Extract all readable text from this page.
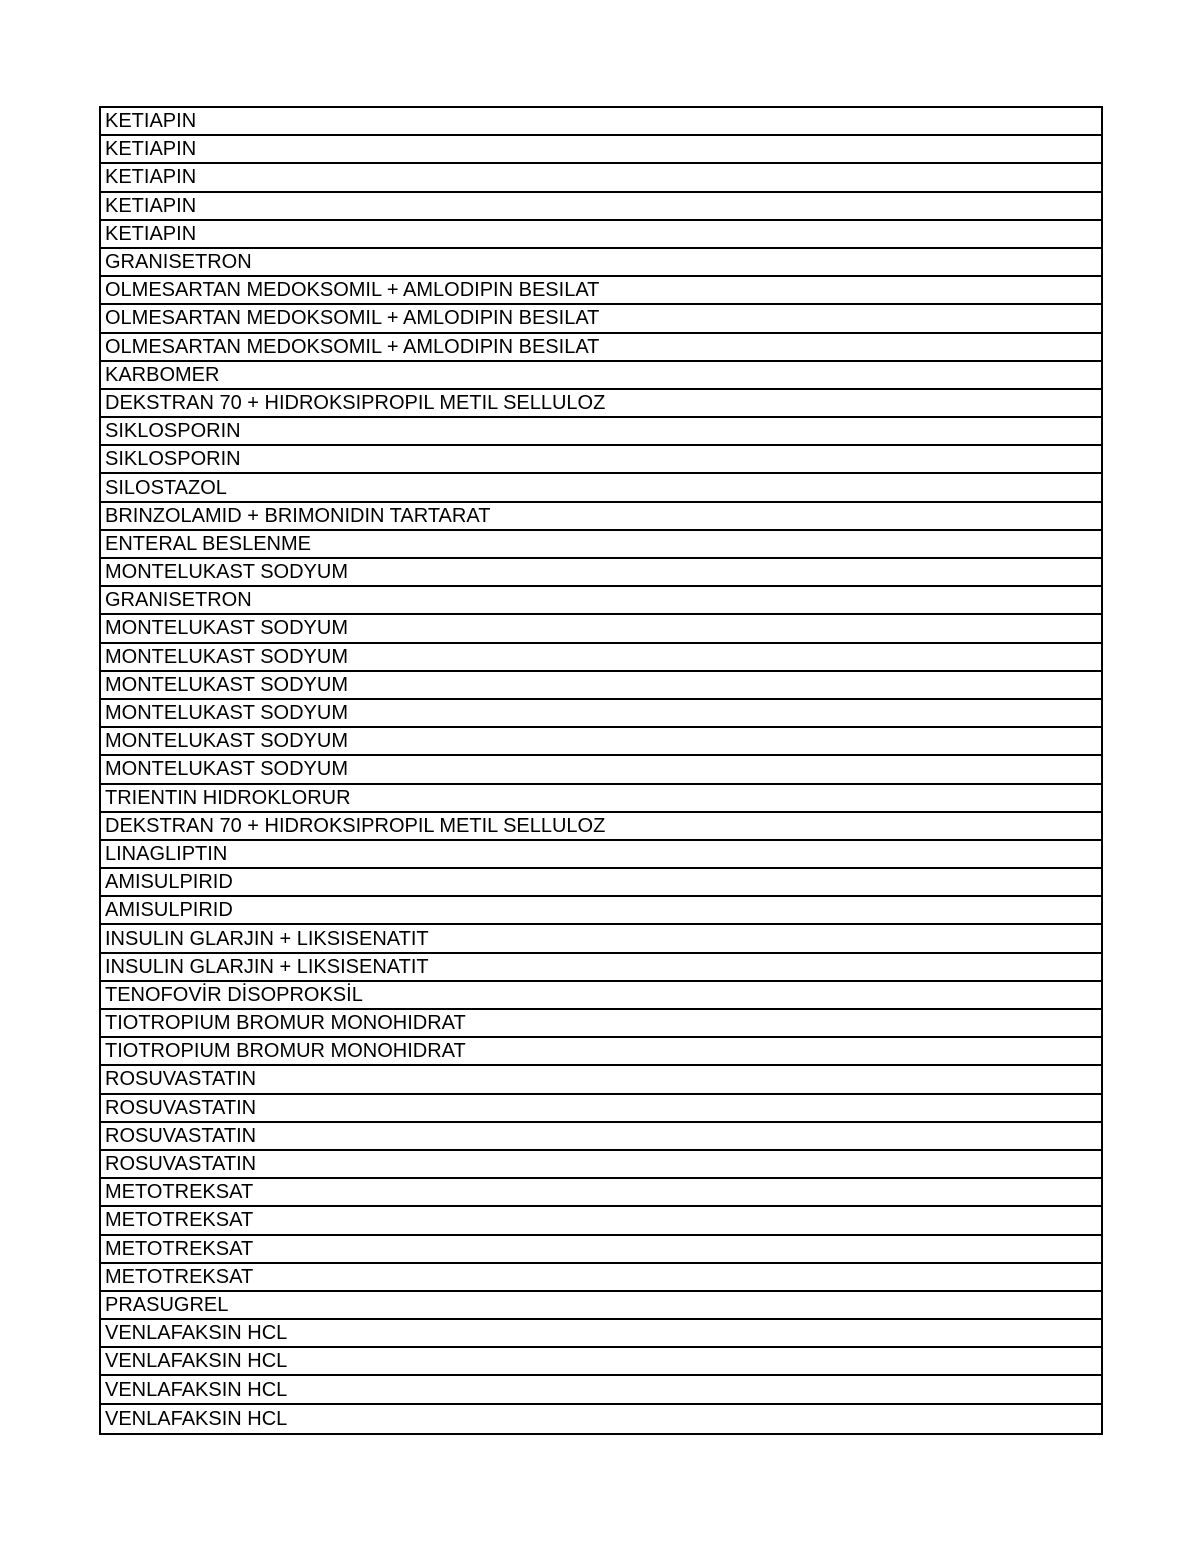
KETIAPIN
KETIAPIN
KETIAPIN
KETIAPIN
KETIAPIN
GRANISETRON
OLMESARTAN MEDOKSOMIL + AMLODIPIN BESILAT
OLMESARTAN MEDOKSOMIL + AMLODIPIN BESILAT
OLMESARTAN MEDOKSOMIL + AMLODIPIN BESILAT
KARBOMER
DEKSTRAN 70 + HIDROKSIPROPIL METIL SELLULOZ
SIKLOSPORIN
SIKLOSPORIN
SILOSTAZOL
BRINZOLAMID + BRIMONIDIN TARTARAT
ENTERAL BESLENME
MONTELUKAST SODYUM
GRANISETRON
MONTELUKAST SODYUM
MONTELUKAST SODYUM
MONTELUKAST SODYUM
MONTELUKAST SODYUM
MONTELUKAST SODYUM
MONTELUKAST SODYUM
TRIENTIN HIDROKLORUR
DEKSTRAN 70 + HIDROKSIPROPIL METIL SELLULOZ
LINAGLIPTIN
AMISULPIRID
AMISULPIRID
INSULIN GLARJIN + LIKSISENATIT
INSULIN GLARJIN + LIKSISENATIT
TENOFOVİR DİSOPROKSİL
TIOTROPIUM BROMUR MONOHIDRAT
TIOTROPIUM BROMUR MONOHIDRAT
ROSUVASTATIN
ROSUVASTATIN
ROSUVASTATIN
ROSUVASTATIN
METOTREKSAT
METOTREKSAT
METOTREKSAT
METOTREKSAT
PRASUGREL
VENLAFAKSIN HCL
VENLAFAKSIN HCL
VENLAFAKSIN HCL
VENLAFAKSIN HCL
